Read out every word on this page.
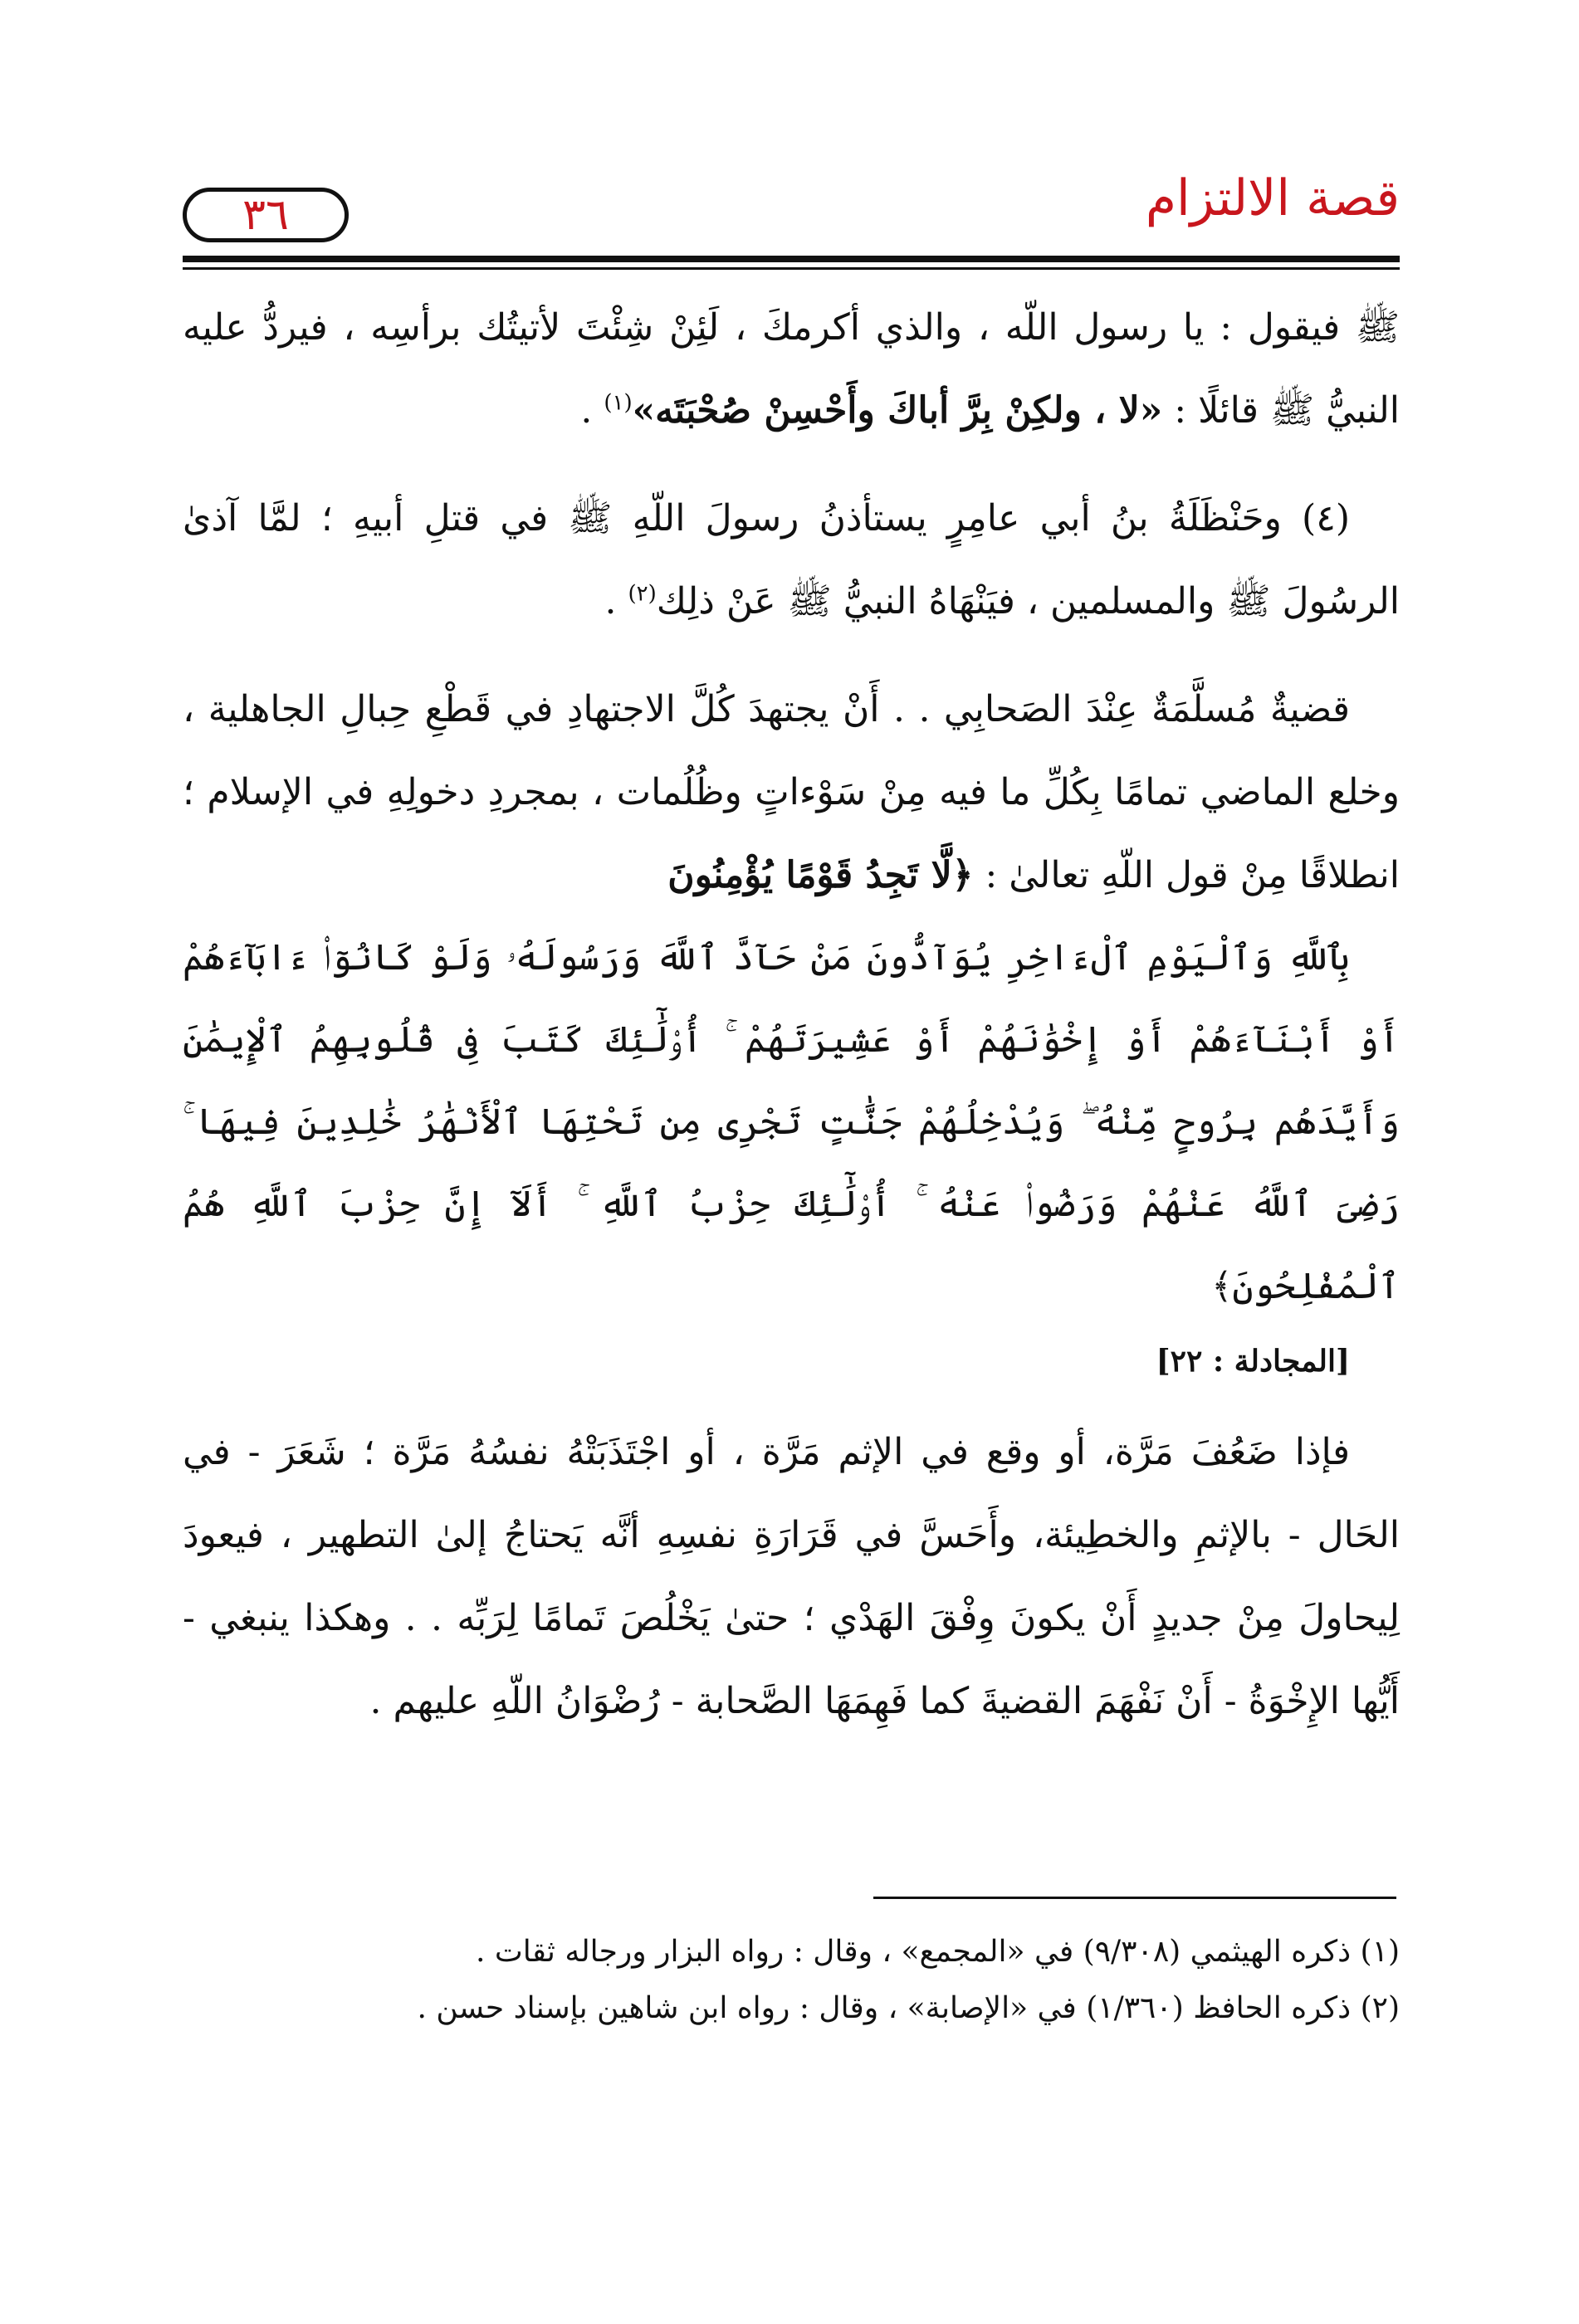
قصة الالتزام
٣٦

ﷺ فيقول : يا رسول اللّه ، والذي أكرمكَ ، لَئِنْ شِئْتَ لأتيتُك برأسِه ، فيردُّ عليه النبيُّ ﷺ قائلًا : «لا ، ولكِنْ بِرَّ أباكَ وأَحْسِنْ صُحْبَتَه»$^{(١)}$ .

(٤) وحَنْظَلَةُ بنُ أبي عامِرٍ يستأذنُ رسولَ اللّهِ ﷺ في قتلِ أبيهِ ؛ لمَّا آذىٰ الرسُولَ ﷺ والمسلمين ، فيَنْهَاهُ النبيُّ ﷺ عَنْ ذلِك$^{(٢)}$ .

قضيةٌ مُسلَّمَةٌ عِنْدَ الصَحابِي . . أَنْ يجتهدَ كُلَّ الاجتهادِ في قَطْعِ حِبالِ الجاهلية ، وخلع الماضي تمامًا بِكُلِّ ما فيه مِنْ سَوْءاتٍ وظُلُمات ، بمجردِ دخولِهِ في الإسلام ؛ انطلاقًا مِنْ قول اللّهِ تعالىٰ : ﴿لَّا تَجِدُ قَوْمًا يُؤْمِنُونَ
بِٱللَّهِ وَٱلْيَوْمِ ٱلْءَاخِرِ يُوَآدُّونَ مَنْ حَآدَّ ٱللَّهَ وَرَسُولَهُۥ وَلَوْ كَانُوٓا۟ ءَابَآءَهُمْ أَوْ أَبْنَآءَهُمْ أَوْ إِخْوَٰنَهُمْ أَوْ عَشِيرَتَهُمْ ۚ أُو۟لَٰٓئِكَ كَتَبَ فِى قُلُوبِهِمُ ٱلْإِيمَٰنَ وَأَيَّدَهُم بِرُوحٍ مِّنْهُ ۖ وَيُدْخِلُهُمْ جَنَّٰتٍ تَجْرِى مِن تَحْتِهَا ٱلْأَنْهَٰرُ خَٰلِدِينَ فِيهَا ۚ رَضِىَ ٱللَّهُ عَنْهُمْ وَرَضُوا۟ عَنْهُ ۚ أُو۟لَٰٓئِكَ حِزْبُ ٱللَّهِ ۚ أَلَآ إِنَّ حِزْبَ ٱللَّهِ هُمُ ٱلْمُفْلِحُونَ﴾
[المجادلة : ٢٢]

فإذا ضَعُفَ مَرَّة، أو وقع في الإثم مَرَّة ، أو اجْتَذَبَتْهُ نفسُهُ مَرَّة ؛ شَعَرَ - في الحَال - بالإثمِ والخطِيئة، وأَحَسَّ في قَرَارَةِ نفسِهِ أنَّه يَحتاجُ إلىٰ التطهير ، فيعودَ لِيحاولَ مِنْ جديدٍ أَنْ يكونَ وِفْقَ الهَدْي ؛ حتىٰ يَخْلُصَ تَمامًا لِرَبِّه . . وهكذا ينبغي - أَيُّها الإِخْوَةُ - أَنْ نَفْهَمَ القضيةَ كما فَهِمَهَا الصَّحابة - رُضْوَانُ اللّهِ عليهم .

(١) ذكره الهيثمي (٩/٣٠٨) في «المجمع» ، وقال : رواه البزار ورجاله ثقات .

(٢) ذكره الحافظ (١/٣٦٠) في «الإصابة» ، وقال : رواه ابن شاهين بإسناد حسن .
